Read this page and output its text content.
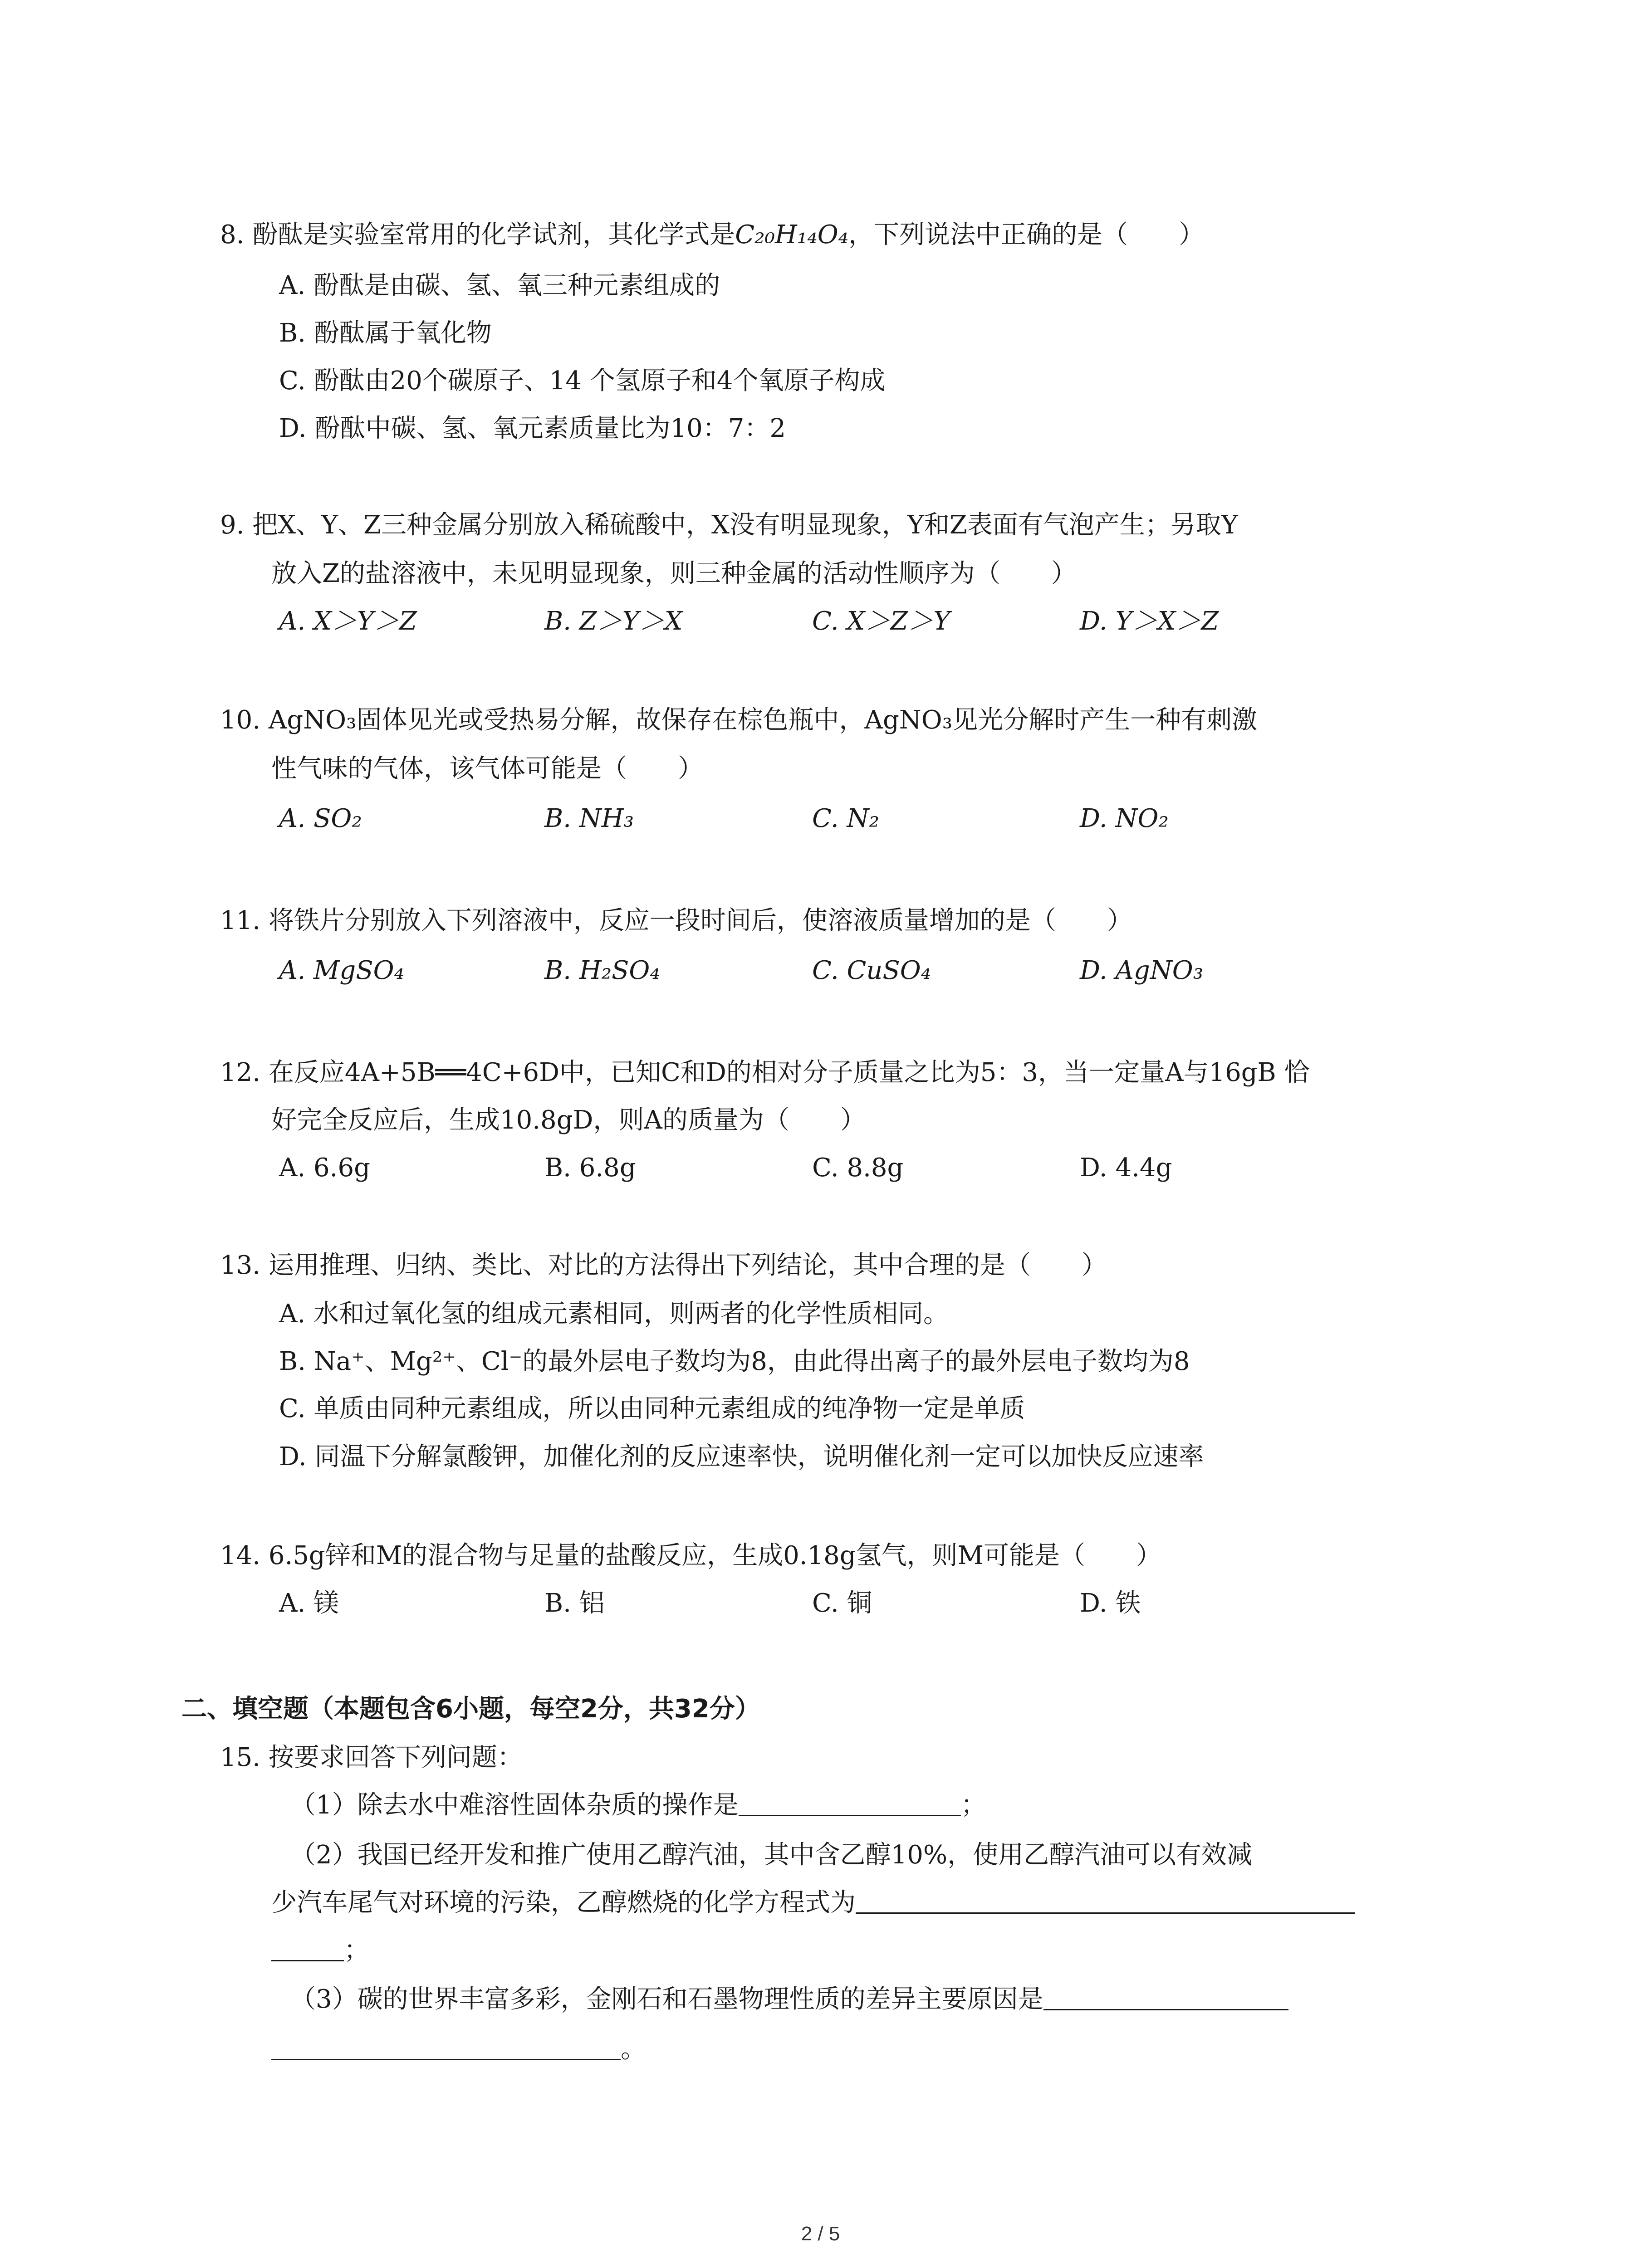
8. 酚酞是实验室常用的化学试剂，其化学式是C₂₀H₁₄O₄，下列说法中正确的是（　　）
A. 酚酞是由碳、氢、氧三种元素组成的
B. 酚酞属于氧化物
C. 酚酞由20个碳原子、14 个氢原子和4个氧原子构成
D. 酚酞中碳、氢、氧元素质量比为10：7：2
9. 把X、Y、Z三种金属分别放入稀硫酸中，X没有明显现象，Y和Z表面有气泡产生；另取Y
放入Z的盐溶液中，未见明显现象，则三种金属的活动性顺序为（　　）
A. X＞Y＞Z	B. Z＞Y＞X	C. X＞Z＞Y	D. Y＞X＞Z
10. AgNO₃固体见光或受热易分解，故保存在棕色瓶中，AgNO₃见光分解时产生一种有刺激
性气味的气体，该气体可能是（　　）
A. SO₂	B. NH₃	C. N₂	D. NO₂
11. 将铁片分别放入下列溶液中，反应一段时间后，使溶液质量增加的是（　　）
A. MgSO₄	B. H₂SO₄	C. CuSO₄	D. AgNO₃
12. 在反应4A+5B══4C+6D中，已知C和D的相对分子质量之比为5：3，当一定量A与16gB 恰
好完全反应后，生成10.8gD，则A的质量为（　　）
A. 6.6g	B. 6.8g	C. 8.8g	D. 4.4g
13. 运用推理、归纳、类比、对比的方法得出下列结论，其中合理的是（　　）
A. 水和过氧化氢的组成元素相同，则两者的化学性质相同。
B. Na⁺、Mg²⁺、Cl⁻的最外层电子数均为8，由此得出离子的最外层电子数均为8
C. 单质由同种元素组成，所以由同种元素组成的纯净物一定是单质
D. 同温下分解氯酸钾，加催化剂的反应速率快，说明催化剂一定可以加快反应速率
14. 6.5g锌和M的混合物与足量的盐酸反应，生成0.18g氢气，则M可能是（　　）
A. 镁	B. 铝	C. 铜	D. 铁
二、填空题（本题包含6小题，每空2分，共32分）
15. 按要求回答下列问题：
（1）除去水中难溶性固体杂质的操作是	；
（2）我国已经开发和推广使用乙醇汽油，其中含乙醇10%，使用乙醇汽油可以有效减
少汽车尾气对环境的污染，乙醇燃烧的化学方程式为
；
（3）碳的世界丰富多彩，金刚石和石墨物理性质的差异主要原因是
。
2 / 5
